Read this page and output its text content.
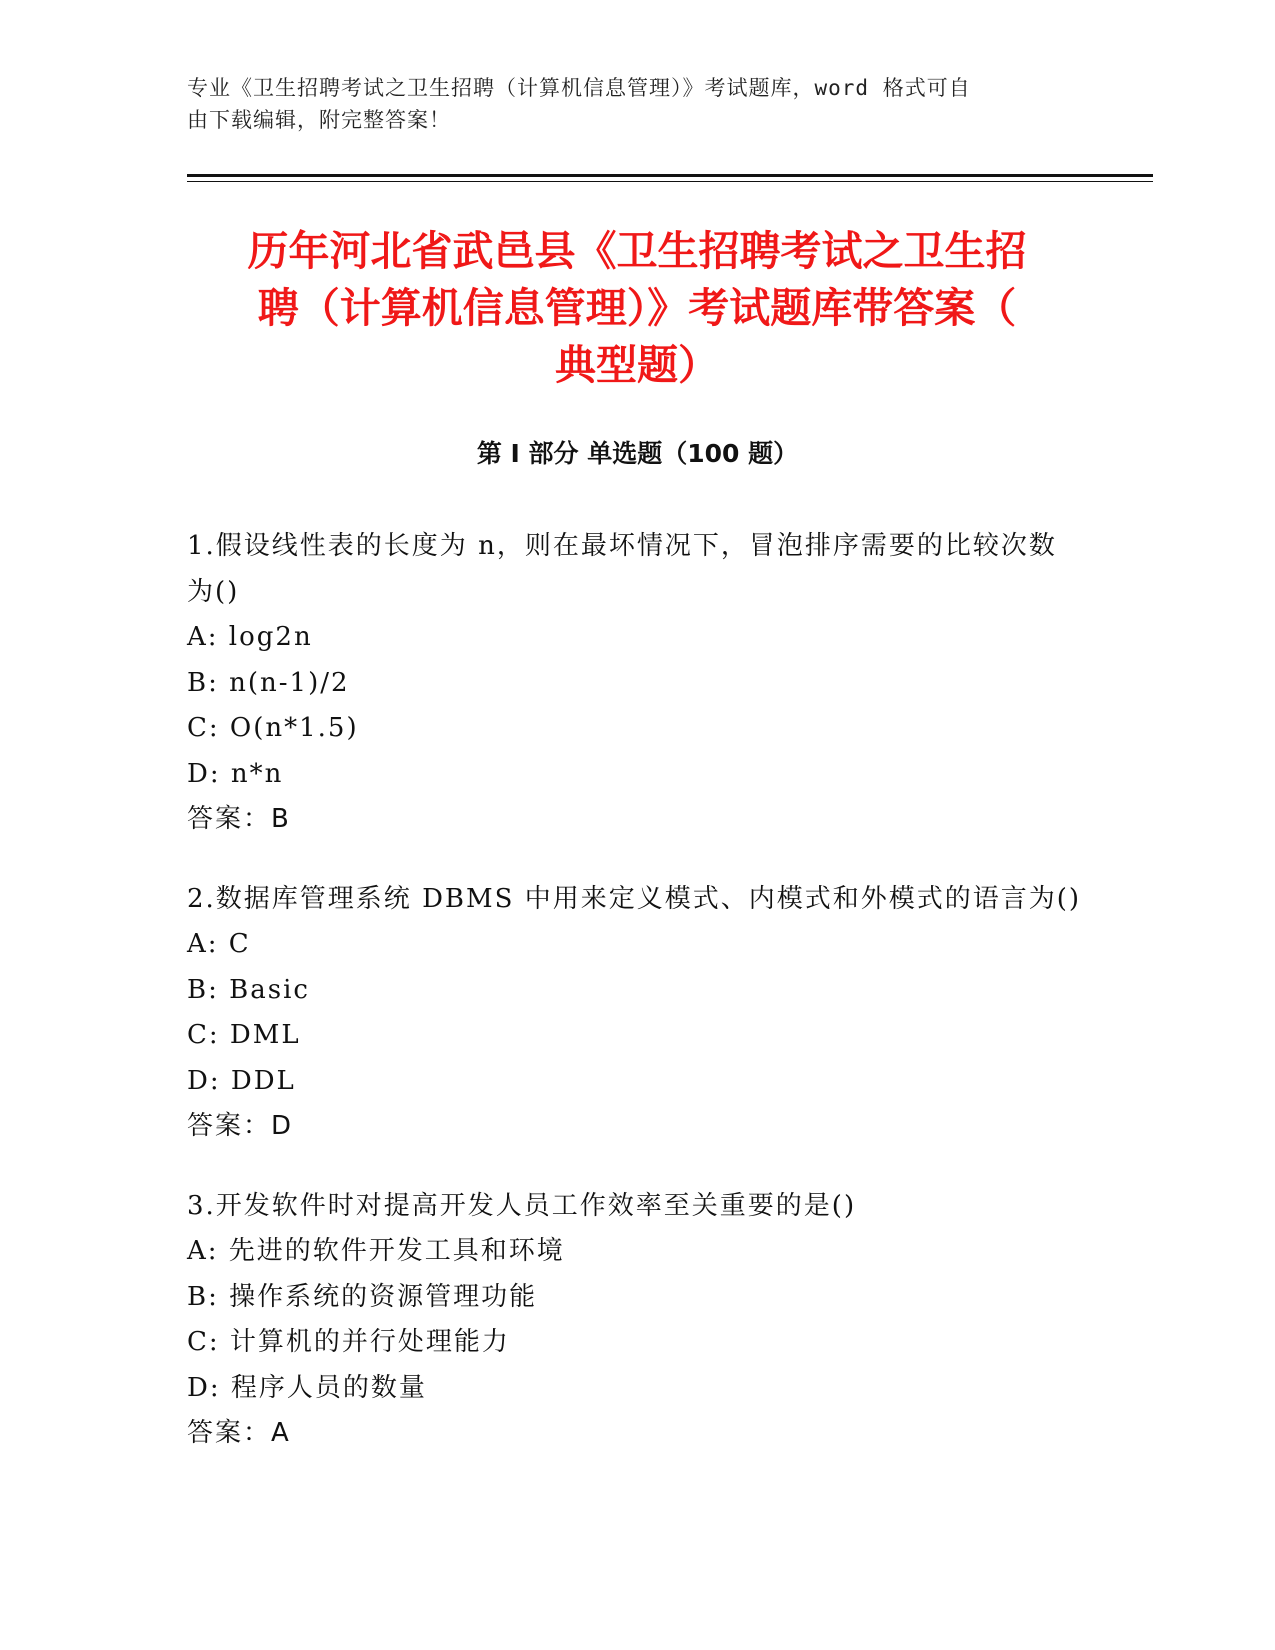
专业《卫生招聘考试之卫生招聘（计算机信息管理）》考试题库，word 格式可自
由下载编辑，附完整答案！
历年河北省武邑县《卫生招聘考试之卫生招
聘（计算机信息管理）》考试题库带答案（
典型题）
第 I 部分 单选题（100 题）
1.假设线性表的长度为 n，则在最坏情况下，冒泡排序需要的比较次数
为()
A: log2n
B: n(n-1)/2
C: O(n*1.5)
D: n*n
答案：B
2.数据库管理系统 DBMS 中用来定义模式、内模式和外模式的语言为()
A: C
B: Basic
C: DML
D: DDL
答案：D
3.开发软件时对提高开发人员工作效率至关重要的是()
A: 先进的软件开发工具和环境
B: 操作系统的资源管理功能
C: 计算机的并行处理能力
D: 程序人员的数量
答案：A
